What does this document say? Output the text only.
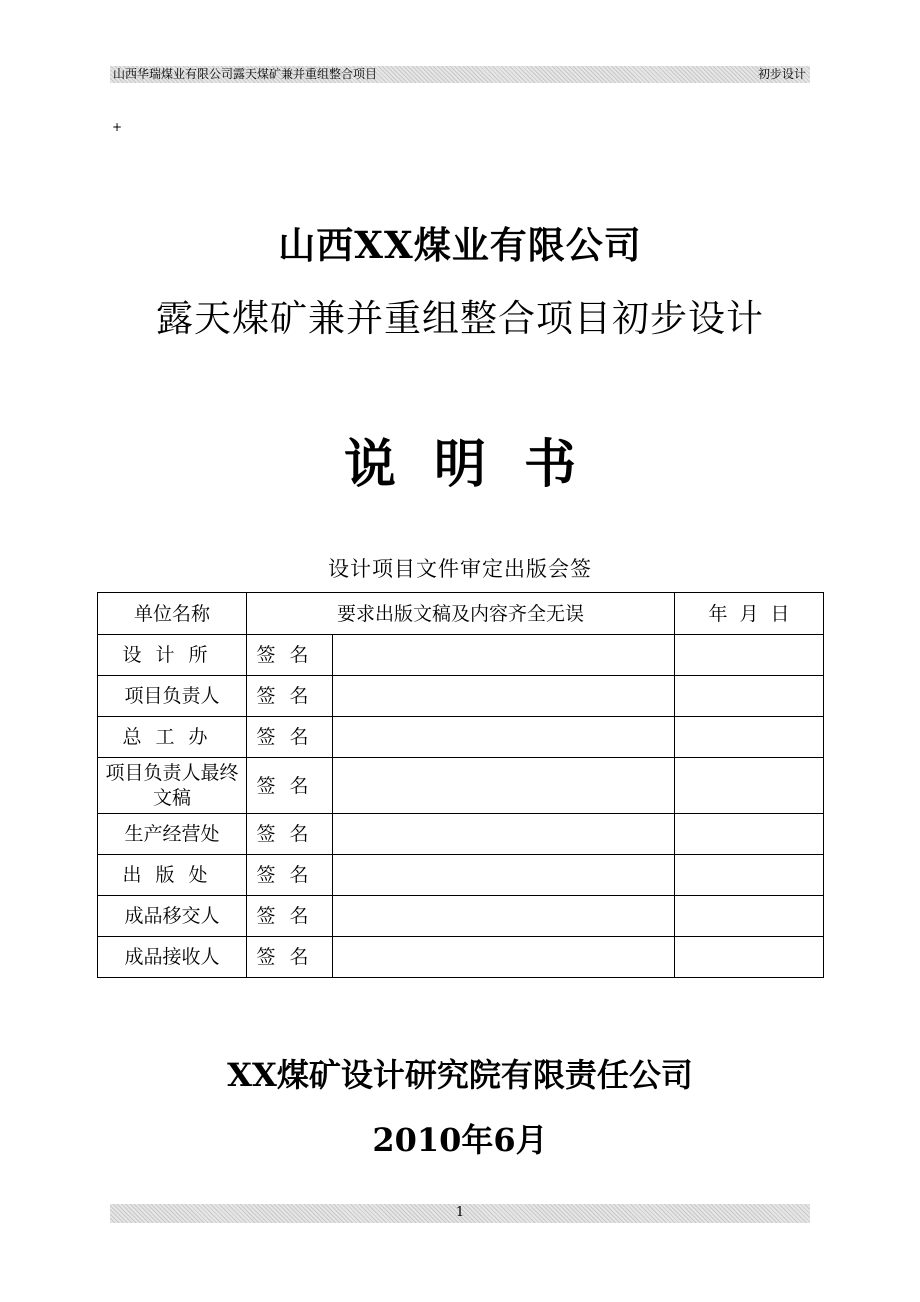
山西华瑞煤业有限公司露天煤矿兼并重组整合项目	初步设计
+
山西XX煤业有限公司
露天煤矿兼并重组整合项目初步设计
说明书
设计项目文件审定出版会签
单位名称	要求出版文稿及内容齐全无误		年 月 日
设计所	签名		
项目负责人	签名		
总工办	签名		
项目负责人最终文稿	签名		
生产经营处	签名		
出版处	签名		
成品移交人	签名		
成品接收人	签名		
XX煤矿设计研究院有限责任公司
2010年6月
1
